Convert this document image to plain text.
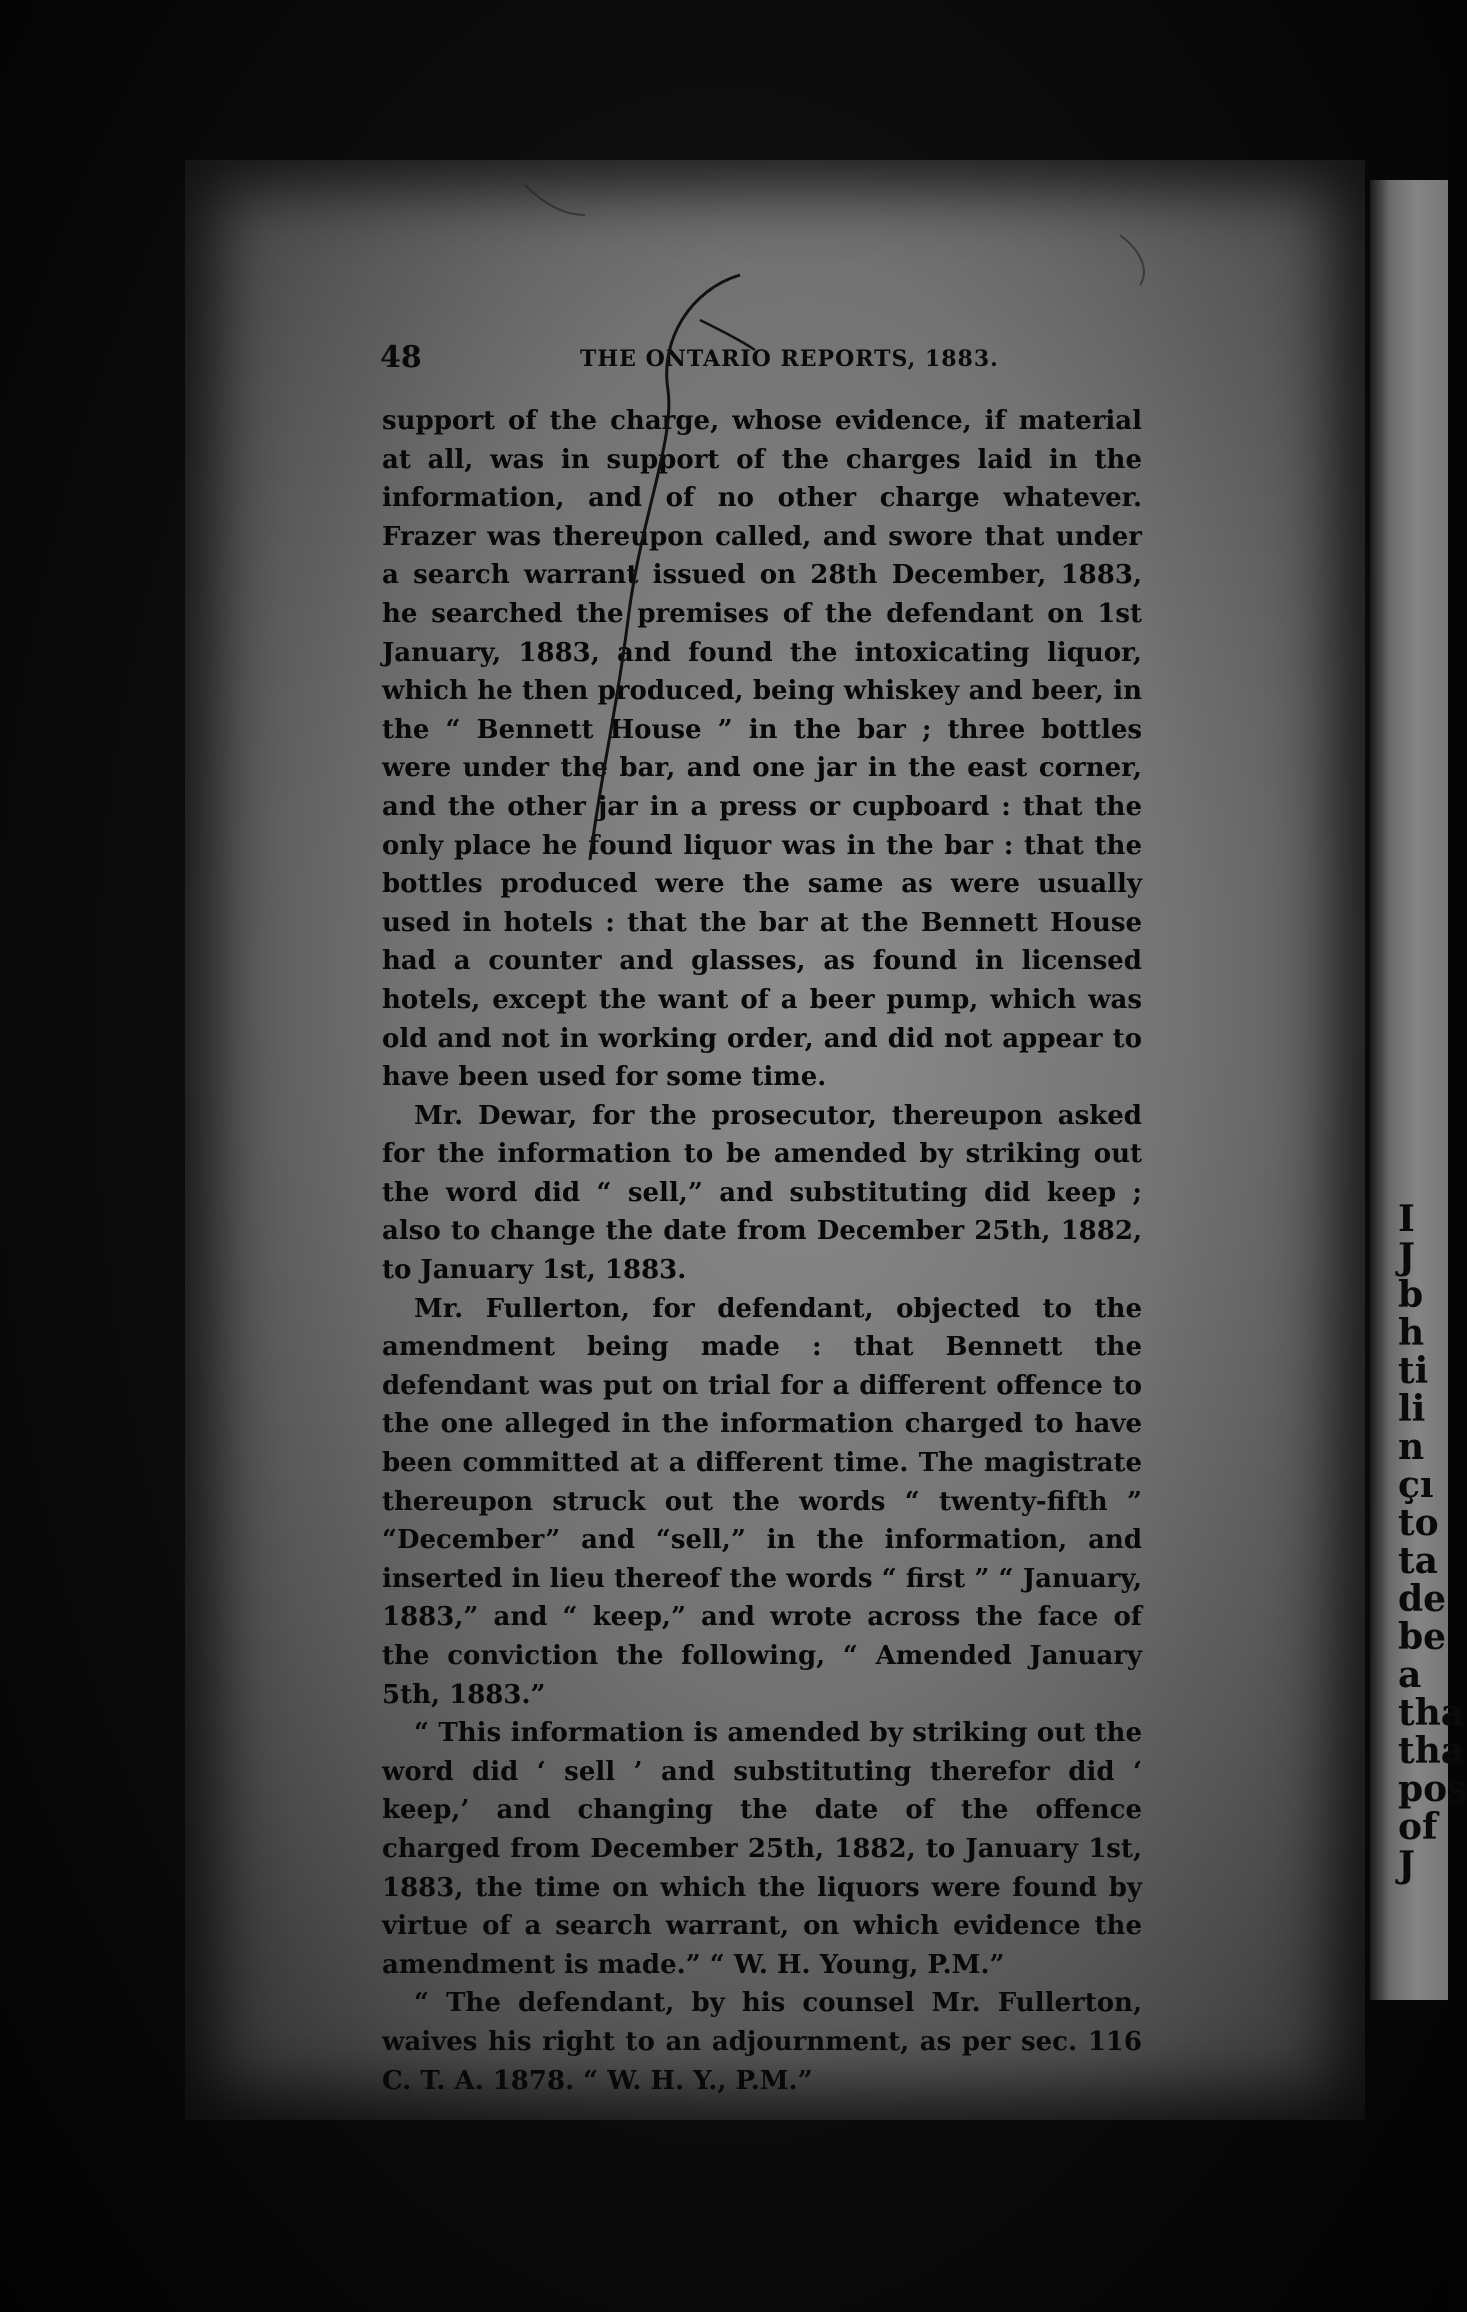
I
J
b
h
ti
li
n
çı
to
ta
de
be
a
tha
tha
pos
of J
48	THE ONTARIO REPORTS, 1883.

support of the charge, whose evidence, if material at all, was in support of the charges laid in the information, and of no other charge whatever. Frazer was thereupon called, and swore that under a search warrant issued on 28th December, 1883, he searched the premises of the defendant on 1st January, 1883, and found the intoxicating liquor, which he then produced, being whiskey and beer, in the “ Bennett House ” in the bar ; three bottles were under the bar, and one jar in the east corner, and the other jar in a press or cupboard : that the only place he found liquor was in the bar : that the bottles produced were the same as were usually used in hotels : that the bar at the Bennett House had a counter and glasses, as found in licensed hotels, except the want of a beer pump, which was old and not in working order, and did not appear to have been used for some time.

Mr. Dewar, for the prosecutor, thereupon asked for the information to be amended by striking out the word did “ sell,” and substituting did keep ; also to change the date from December 25th, 1882, to January 1st, 1883.

Mr. Fullerton, for defendant, objected to the amendment being made : that Bennett the defendant was put on trial for a different offence to the one alleged in the information charged to have been committed at a different time. The magistrate thereupon struck out the words “ twenty-fifth ” “December” and “sell,” in the information, and inserted in lieu thereof the words “ first ” “ January, 1883,” and “ keep,” and wrote across the face of the conviction the following, “ Amended January 5th, 1883.”

“ This information is amended by striking out the word did ‘ sell ’ and substituting therefor did ‘ keep,’ and changing the date of the offence charged from December 25th, 1882, to January 1st, 1883, the time on which the liquors were found by virtue of a search warrant, on which evidence the amendment is made.” “ W. H. Young, P.M.”

“ The defendant, by his counsel Mr. Fullerton, waives his right to an adjournment, as per sec. 116 C. T. A. 1878. “ W. H. Y., P.M.”
